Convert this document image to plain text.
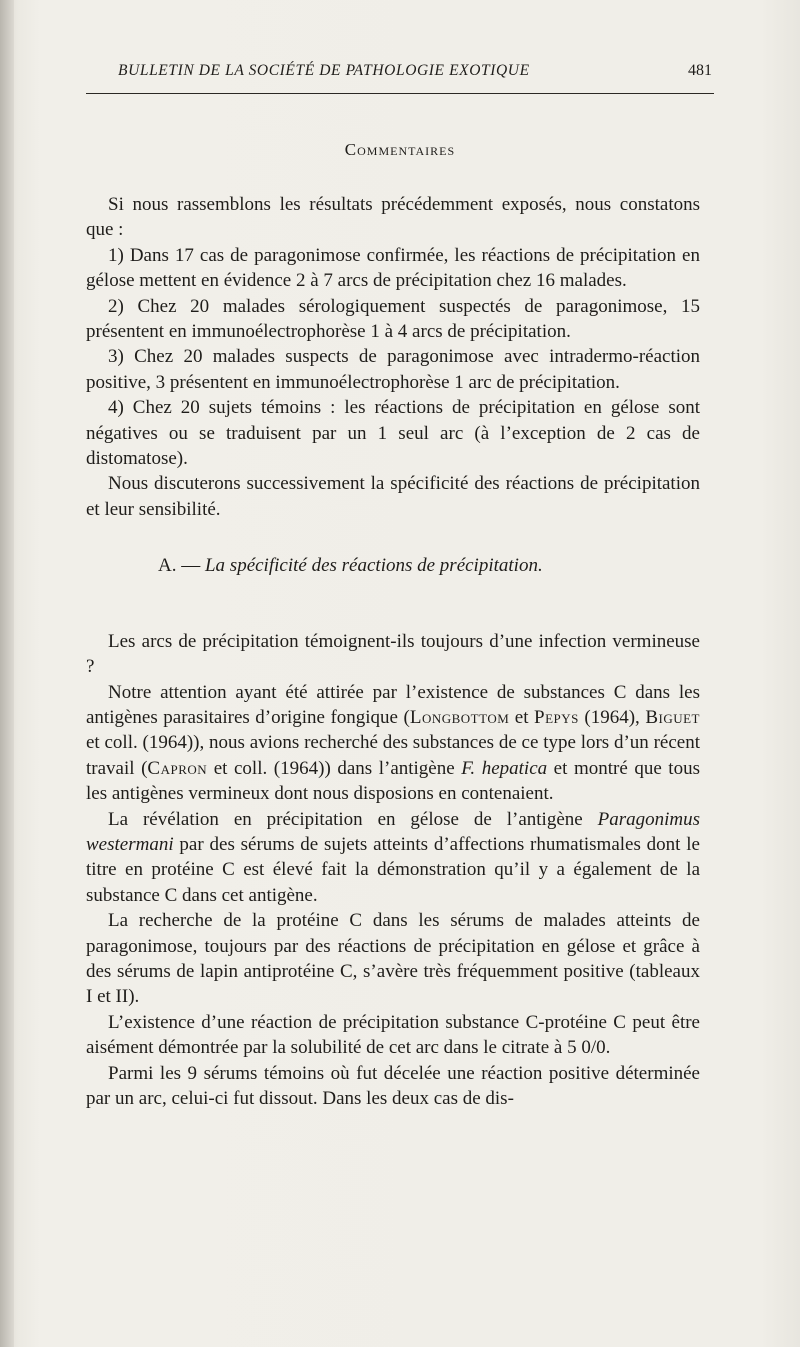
BULLETIN DE LA SOCIÉTÉ DE PATHOLOGIE EXOTIQUE	481
Commentaires

Si nous rassemblons les résultats précédemment exposés, nous constatons que :

1) Dans 17 cas de paragonimose confirmée, les réactions de précipitation en gélose mettent en évidence 2 à 7 arcs de précipitation chez 16 malades.

2) Chez 20 malades sérologiquement suspectés de paragonimose, 15 présentent en immunoélectrophorèse 1 à 4 arcs de précipitation.

3) Chez 20 malades suspects de paragonimose avec intradermo-réaction positive, 3 présentent en immunoélectrophorèse 1 arc de précipitation.

4) Chez 20 sujets témoins : les réactions de précipitation en gélose sont négatives ou se traduisent par un 1 seul arc (à l’exception de 2 cas de distomatose).

Nous discuterons successivement la spécificité des réactions de précipitation et leur sensibilité.

A. — La spécificité des réactions de précipitation.

Les arcs de précipitation témoignent-ils toujours d’une infection vermineuse ?

Notre attention ayant été attirée par l’existence de substances C dans les antigènes parasitaires d’origine fongique (Longbottom et Pepys (1964), Biguet et coll. (1964)), nous avions recherché des substances de ce type lors d’un récent travail (Capron et coll. (1964)) dans l’antigène F. hepatica et montré que tous les antigènes vermineux dont nous disposions en contenaient.

La révélation en précipitation en gélose de l’antigène Paragonimus westermani par des sérums de sujets atteints d’affections rhumatismales dont le titre en protéine C est élevé fait la démonstration qu’il y a également de la substance C dans cet antigène.

La recherche de la protéine C dans les sérums de malades atteints de paragonimose, toujours par des réactions de précipitation en gélose et grâce à des sérums de lapin antiprotéine C, s’avère très fréquemment positive (tableaux I et II).

L’existence d’une réaction de précipitation substance C-protéine C peut être aisément démontrée par la solubilité de cet arc dans le citrate à 5 0/0.

Parmi les 9 sérums témoins où fut décelée une réaction positive déterminée par un arc, celui-ci fut dissout. Dans les deux cas de dis-
